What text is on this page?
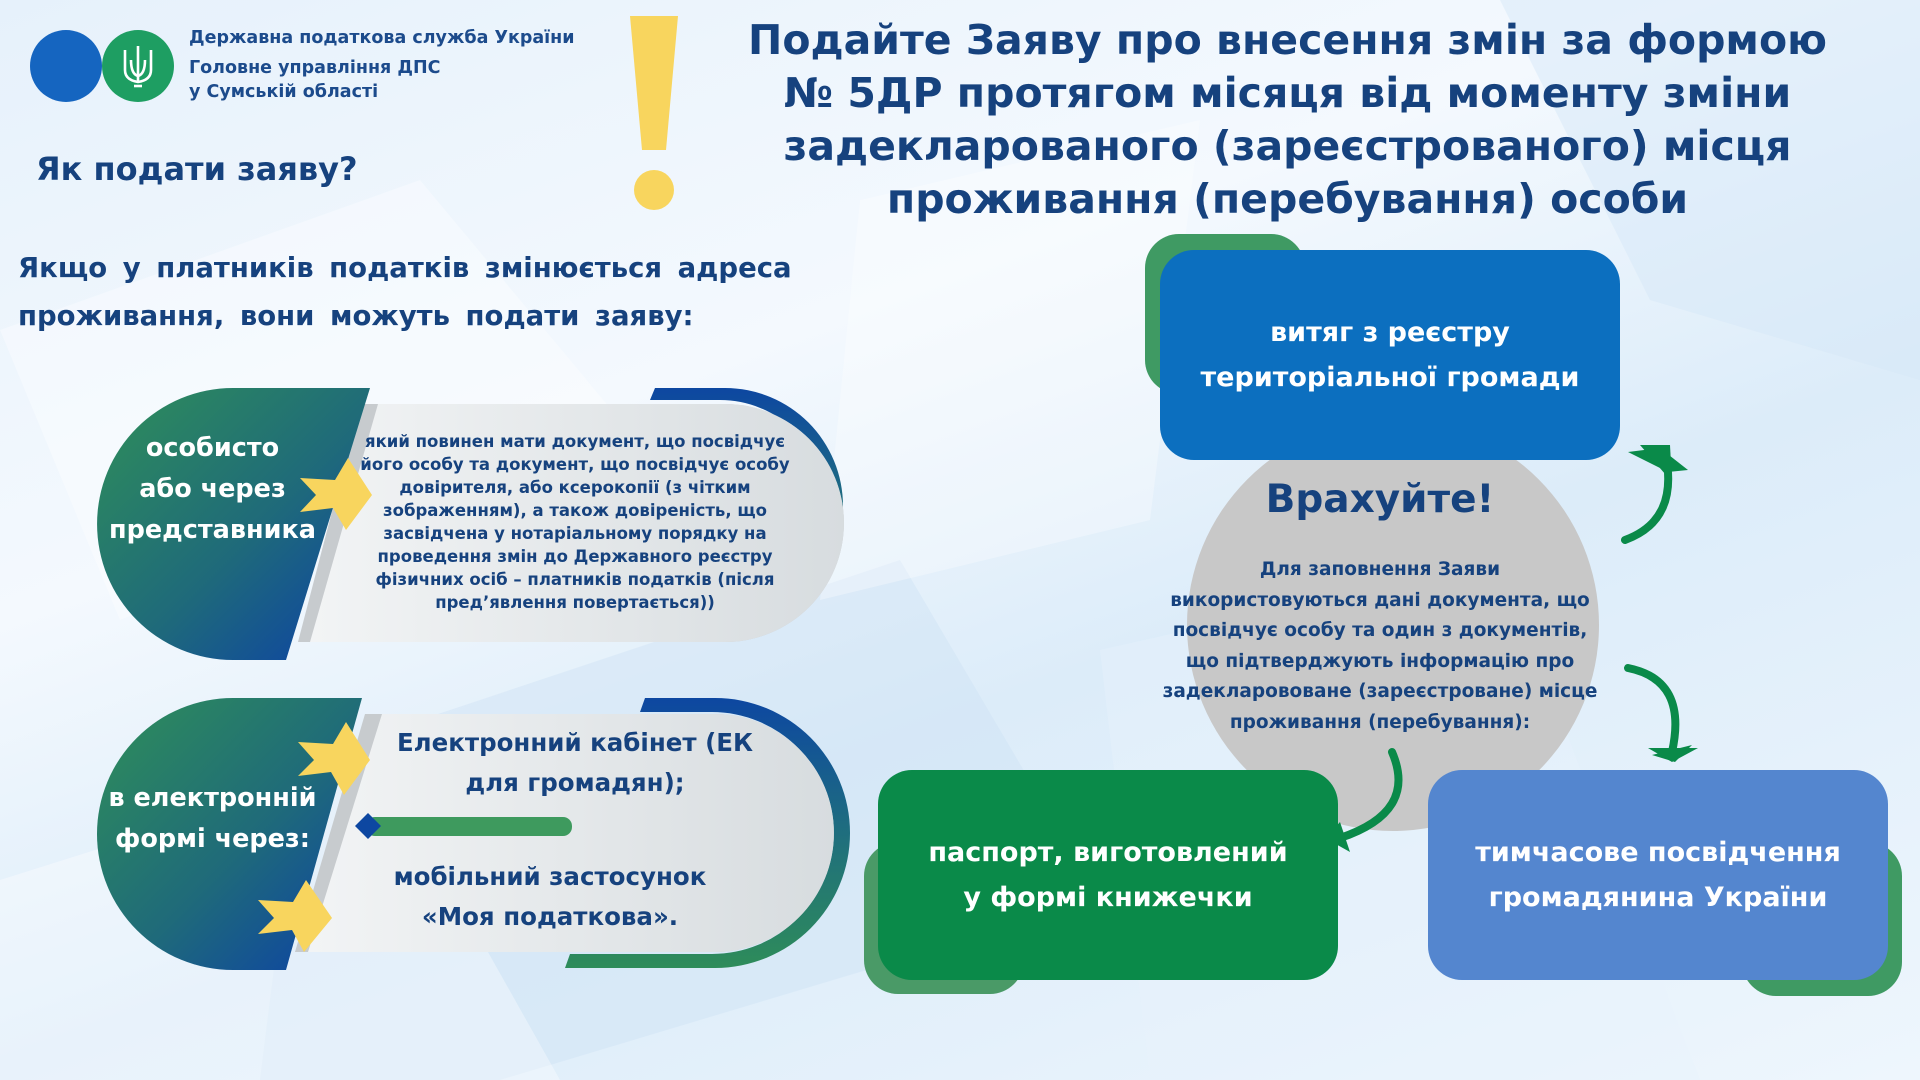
Державна податкова служба України
Головне управління ДПС
у Сумській області
Подайте Заяву про внесення змін за формою
№ 5ДР протягом місяця від моменту зміни
задекларованого (зареєстрованого) місця
проживання (перебування) особи
Як подати заяву?
Якщо у платників податків змінюється адреса
проживання, вони можуть подати заяву:
особисто
або через
представника
який повинен мати документ, що посвідчує
його особу та документ, що посвідчує особу
довірителя, або ксерокопії (з чітким
зображенням), а також довіреність, що
засвідчена у нотаріальному порядку на
проведення змін до Державного реєстру
фізичних осіб – платників податків (після
пред’явлення повертається))
в електронній
формі через:
Електронний кабінет (ЕК
для громадян);
мобільний застосунок
«Моя податкова».
Врахуйте!
Для заповнення Заяви
використовуються дані документа, що
посвідчує особу та один з документів,
що підтверджують інформацію про
задекларововане (зареєстроване) місце
проживання (перебування):
витяг з реєстру
територіальної громади
паспорт, виготовлений
у формі книжечки
тимчасове посвідчення
громадянина України
